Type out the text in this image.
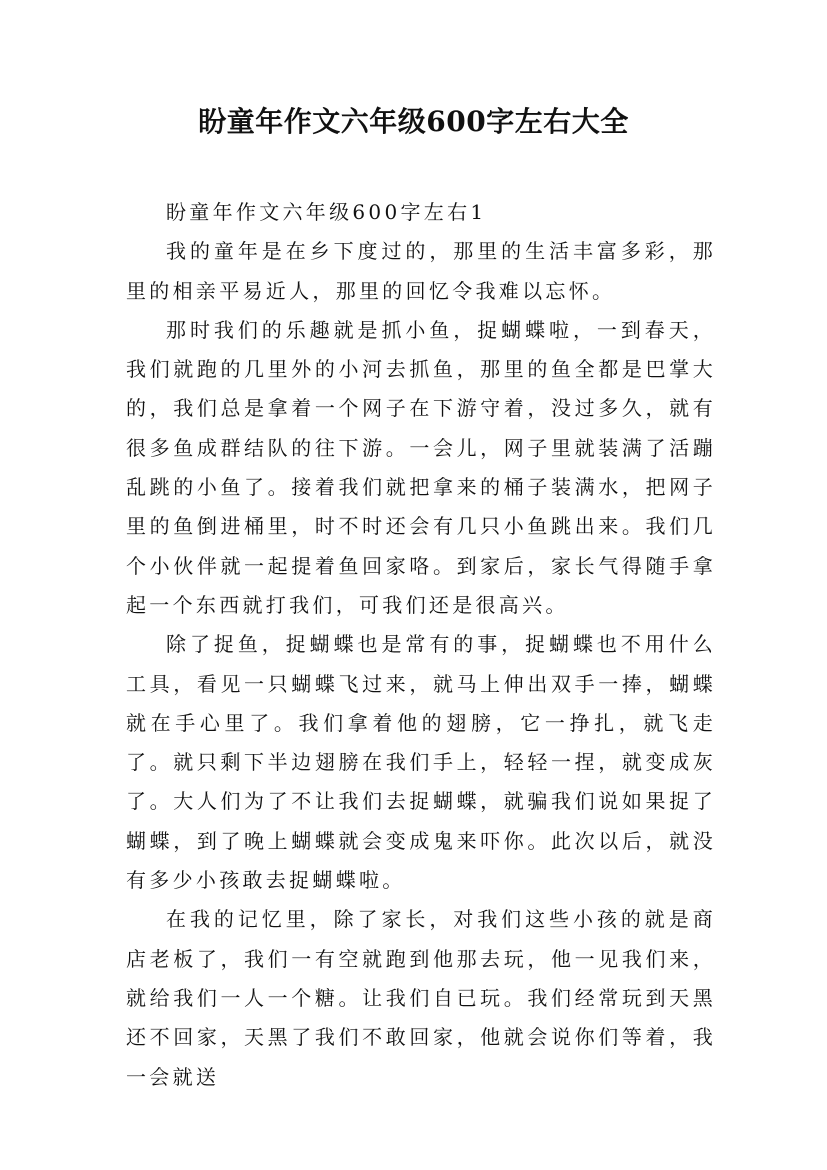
盼童年作文六年级600字左右大全

盼童年作文六年级600字左右1

我的童年是在乡下度过的，那里的生活丰富多彩，那里的相亲平易近人，那里的回忆令我难以忘怀。

那时我们的乐趣就是抓小鱼，捉蝴蝶啦，一到春天，我们就跑的几里外的小河去抓鱼，那里的鱼全都是巴掌大的，我们总是拿着一个网子在下游守着，没过多久，就有很多鱼成群结队的往下游。一会儿，网子里就装满了活蹦乱跳的小鱼了。接着我们就把拿来的桶子装满水，把网子里的鱼倒进桶里，时不时还会有几只小鱼跳出来。我们几个小伙伴就一起提着鱼回家咯。到家后，家长气得随手拿起一个东西就打我们，可我们还是很高兴。

除了捉鱼，捉蝴蝶也是常有的事，捉蝴蝶也不用什么工具，看见一只蝴蝶飞过来，就马上伸出双手一捧，蝴蝶就在手心里了。我们拿着他的翅膀，它一挣扎，就飞走了。就只剩下半边翅膀在我们手上，轻轻一捏，就变成灰了。大人们为了不让我们去捉蝴蝶，就骗我们说如果捉了蝴蝶，到了晚上蝴蝶就会变成鬼来吓你。此次以后，就没有多少小孩敢去捉蝴蝶啦。

在我的记忆里，除了家长，对我们这些小孩的就是商店老板了，我们一有空就跑到他那去玩，他一见我们来，就给我们一人一个糖。让我们自已玩。我们经常玩到天黑还不回家，天黑了我们不敢回家，他就会说你们等着，我一会就送
